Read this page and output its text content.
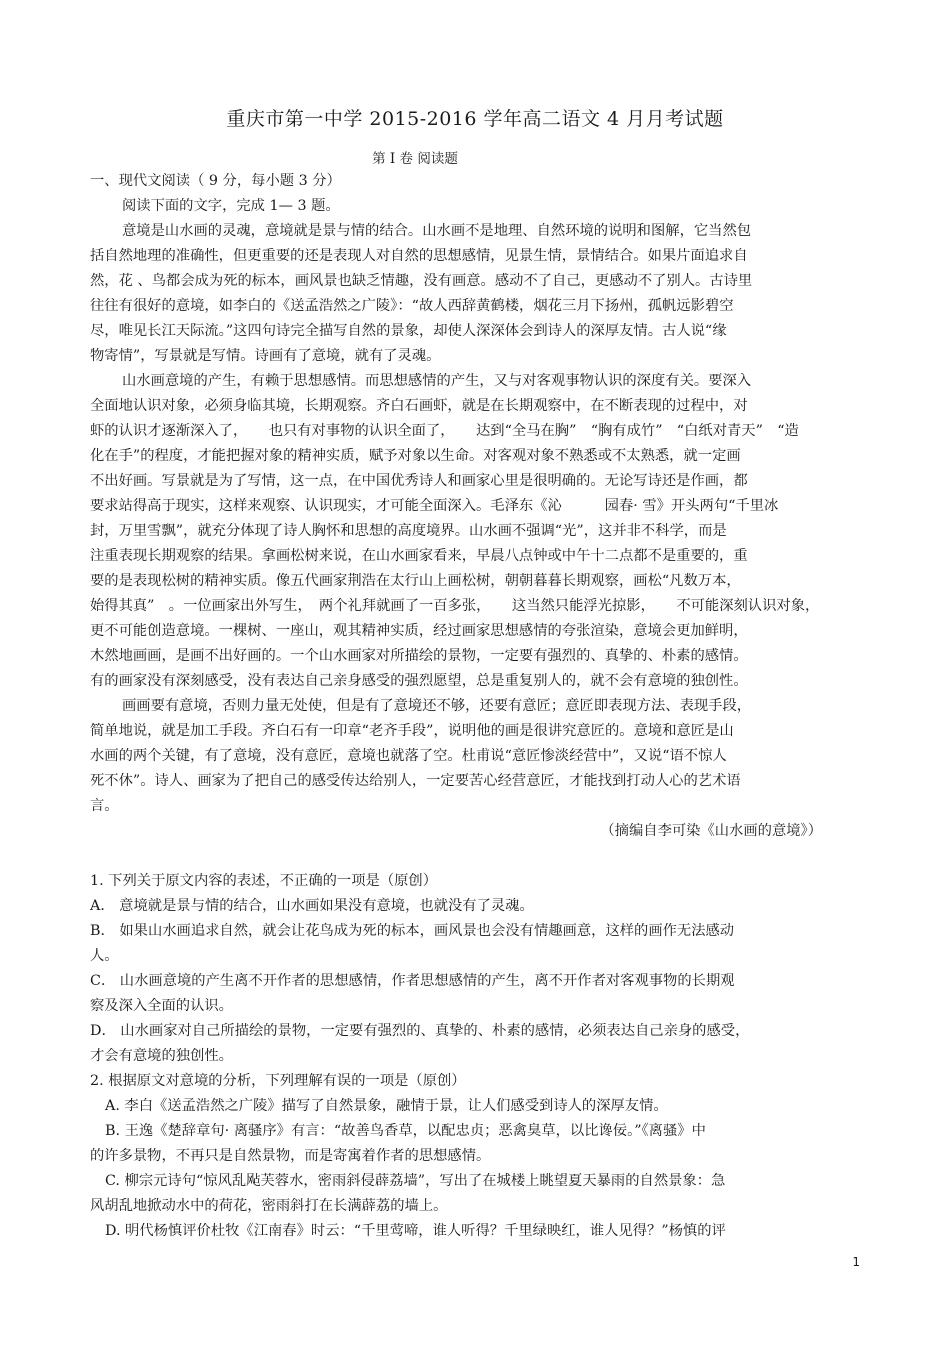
重庆市第一中学 2015-2016 学年高二语文 4 月月考试题
第 I 卷 阅读题
一、现代文阅读（ 9 分，每小题 3 分）
阅读下面的文字，完成 1— 3 题。
意境是山水画的灵魂，意境就是景与情的结合。山水画不是地理、自然环境的说明和图解，它当然包
括自然地理的准确性，但更重要的还是表现人对自然的思想感情，见景生情，景情结合。如果片面追求自
然，花 、鸟都会成为死的标本，画风景也缺乏情趣，没有画意。感动不了自己，更感动不了别人。古诗里
往往有很好的意境，如李白的《送孟浩然之广陵》：“故人西辞黄鹤楼，烟花三月下扬州，孤帆远影碧空
尽，唯见长江天际流。”这四句诗完全描写自然的景象，却使人深深体会到诗人的深厚友情。古人说“缘
物寄情”，写景就是写情。诗画有了意境，就有了灵魂。
山水画意境的产生，有赖于思想感情。而思想感情的产生，又与对客观事物认识的深度有关。要深入
全面地认识对象，必须身临其境，长期观察。齐白石画虾，就是在长期观察中，在不断表现的过程中，对
虾的认识才逐渐深入了，　　也只有对事物的认识全面了，　　达到“全马在胸”　“胸有成竹”　“白纸对青天”　“造
化在手”的程度，才能把握对象的精神实质，赋予对象以生命。对客观对象不熟悉或不太熟悉，就一定画
不出好画。写景就是为了写情，这一点，在中国优秀诗人和画家心里是很明确的。无论写诗还是作画，都
要求站得高于现实，这样来观察、认识现实，才可能全面深入。毛泽东《沁　　　园春· 雪》开头两句“千里冰
封，万里雪飘”，就充分体现了诗人胸怀和思想的高度境界。山水画不强调“光”，这并非不科学，而是
注重表现长期观察的结果。拿画松树来说，在山水画家看来，早晨八点钟或中午十二点都不是重要的，重
要的是表现松树的精神实质。像五代画家荆浩在太行山上画松树，朝朝暮暮长期观察，画松“凡数万本，
始得其真”　。一位画家出外写生，　两个礼拜就画了一百多张，　　这当然只能浮光掠影，　　不可能深刻认识对象，
更不可能创造意境。一棵树、一座山，观其精神实质，经过画家思想感情的夸张渲染，意境会更加鲜明，
木然地画画，是画不出好画的。一个山水画家对所描绘的景物，一定要有强烈的、真挚的、朴素的感情。
有的画家没有深刻感受，没有表达自己亲身感受的强烈愿望，总是重复别人的，就不会有意境的独创性。
画画要有意境，否则力量无处使，但是有了意境还不够，还要有意匠；意匠即表现方法、表现手段，
简单地说，就是加工手段。齐白石有一印章“老齐手段”，说明他的画是很讲究意匠的。意境和意匠是山
水画的两个关键，有了意境，没有意匠，意境也就落了空。杜甫说“意匠惨淡经营中”，又说“语不惊人
死不休”。诗人、画家为了把自己的感受传达给别人，一定要苦心经营意匠，才能找到打动人心的艺术语
言。
（摘编自李可染《山水画的意境》）
1. 下列关于原文内容的表述，不正确的一项是（原创）
A． 意境就是景与情的结合，山水画如果没有意境，也就没有了灵魂。
B． 如果山水画追求自然，就会让花鸟成为死的标本，画风景也会没有情趣画意，这样的画作无法感动
人。
C． 山水画意境的产生离不开作者的思想感情，作者思想感情的产生，离不开作者对客观事物的长期观
察及深入全面的认识。
D． 山水画家对自己所描绘的景物，一定要有强烈的、真挚的、朴素的感情，必须表达自己亲身的感受，
才会有意境的独创性。
2. 根据原文对意境的分析，下列理解有误的一项是（原创）
A. 李白《送孟浩然之广陵》描写了自然景象，融情于景，让人们感受到诗人的深厚友情。
B. 王逸《楚辞章句· 离骚序》有言：“故善鸟香草，以配忠贞；恶禽臭草，以比谗佞。”《离骚》中
的许多景物，不再只是自然景物，而是寄寓着作者的思想感情。
C. 柳宗元诗句“惊风乱飐芙蓉水，密雨斜侵薜荔墙”，写出了在城楼上眺望夏天暴雨的自然景象：急
风胡乱地掀动水中的荷花，密雨斜打在长满薜荔的墙上。
D. 明代杨慎评价杜牧《江南春》时云：“千里莺啼，谁人听得？千里绿映红，谁人见得？”杨慎的评
1
